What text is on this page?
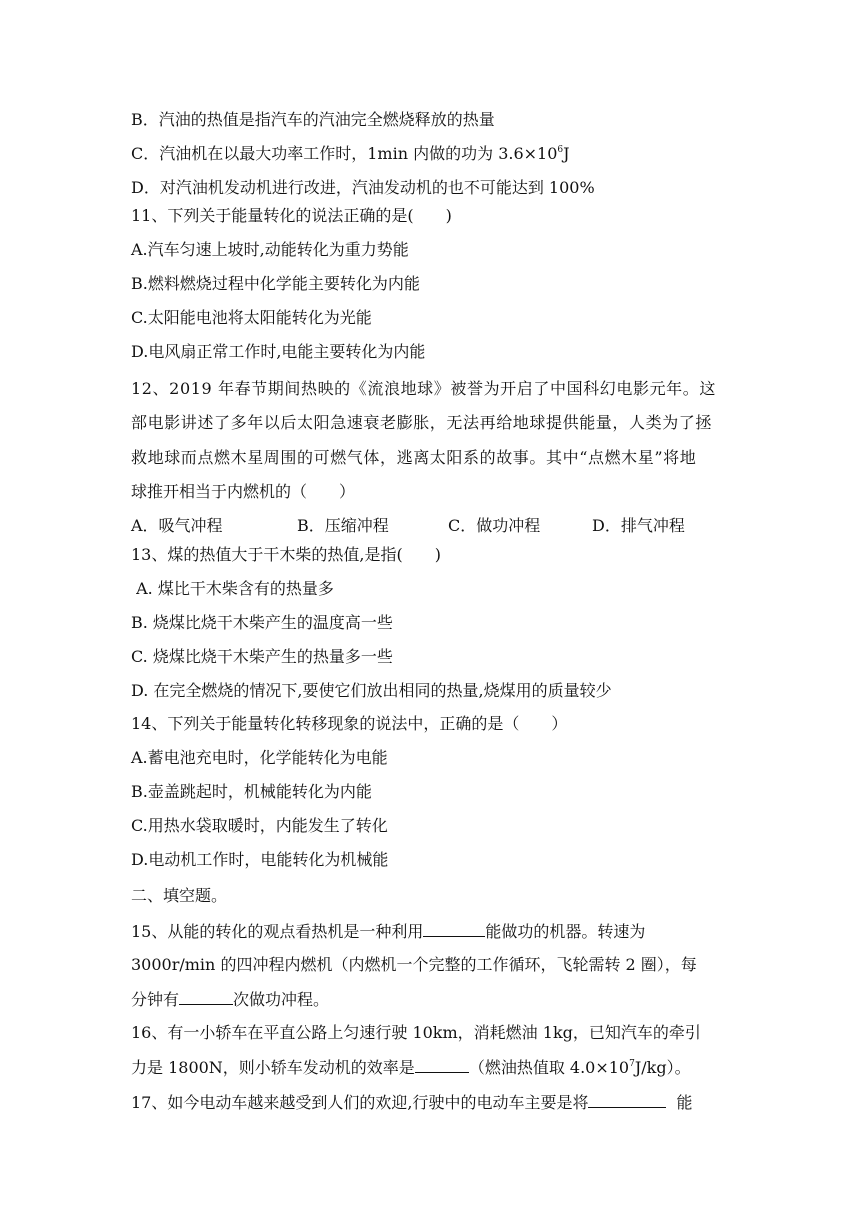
B．汽油的热值是指汽车的汽油完全燃烧释放的热量
C．汽油机在以最大功率工作时，1min 内做的功为 $3.6\times 10^6J$
D．对汽油机发动机进行改进，汽油发动机的也不可能达到 100%
11、下列关于能量转化的说法正确的是(　　)
A.汽车匀速上坡时,动能转化为重力势能
B.燃料燃烧过程中化学能主要转化为内能
C.太阳能电池将太阳能转化为光能
D.电风扇正常工作时,电能主要转化为内能
12、2019 年春节期间热映的《流浪地球》被誉为开启了中国科幻电影元年。这
部电影讲述了多年以后太阳急速衰老膨胀，无法再给地球提供能量，人类为了拯
救地球而点燃木星周围的可燃气体，逃离太阳系的故事。其中“点燃木星”将地
球推开相当于内燃机的（　　）
A．吸气冲程	B．压缩冲程	C．做功冲程	D．排气冲程
13、煤的热值大于干木柴的热值,是指(　　)
A. 煤比干木柴含有的热量多
B. 烧煤比烧干木柴产生的温度高一些
C. 烧煤比烧干木柴产生的热量多一些
D. 在完全燃烧的情况下,要使它们放出相同的热量,烧煤用的质量较少
14、下列关于能量转化转移现象的说法中，正确的是（　　）
A.蓄电池充电时，化学能转化为电能
B.壶盖跳起时，机械能转化为内能
C.用热水袋取暖时，内能发生了转化
D.电动机工作时，电能转化为机械能
二、填空题。
15、从能的转化的观点看热机是一种利用	能做功的机器。转速为
3000r/min 的四冲程内燃机（内燃机一个完整的工作循环，飞轮需转 2 圈），每
分钟有	次做功冲程。
16、有一小轿车在平直公路上匀速行驶 10km，消耗燃油 1kg，已知汽车的牵引
力是 1800N，则小轿车发动机的效率是	（燃油热值取 $4.0\times 10^7J/kg$）。
17、如今电动车越来越受到人们的欢迎,行驶中的电动车主要是将	能
